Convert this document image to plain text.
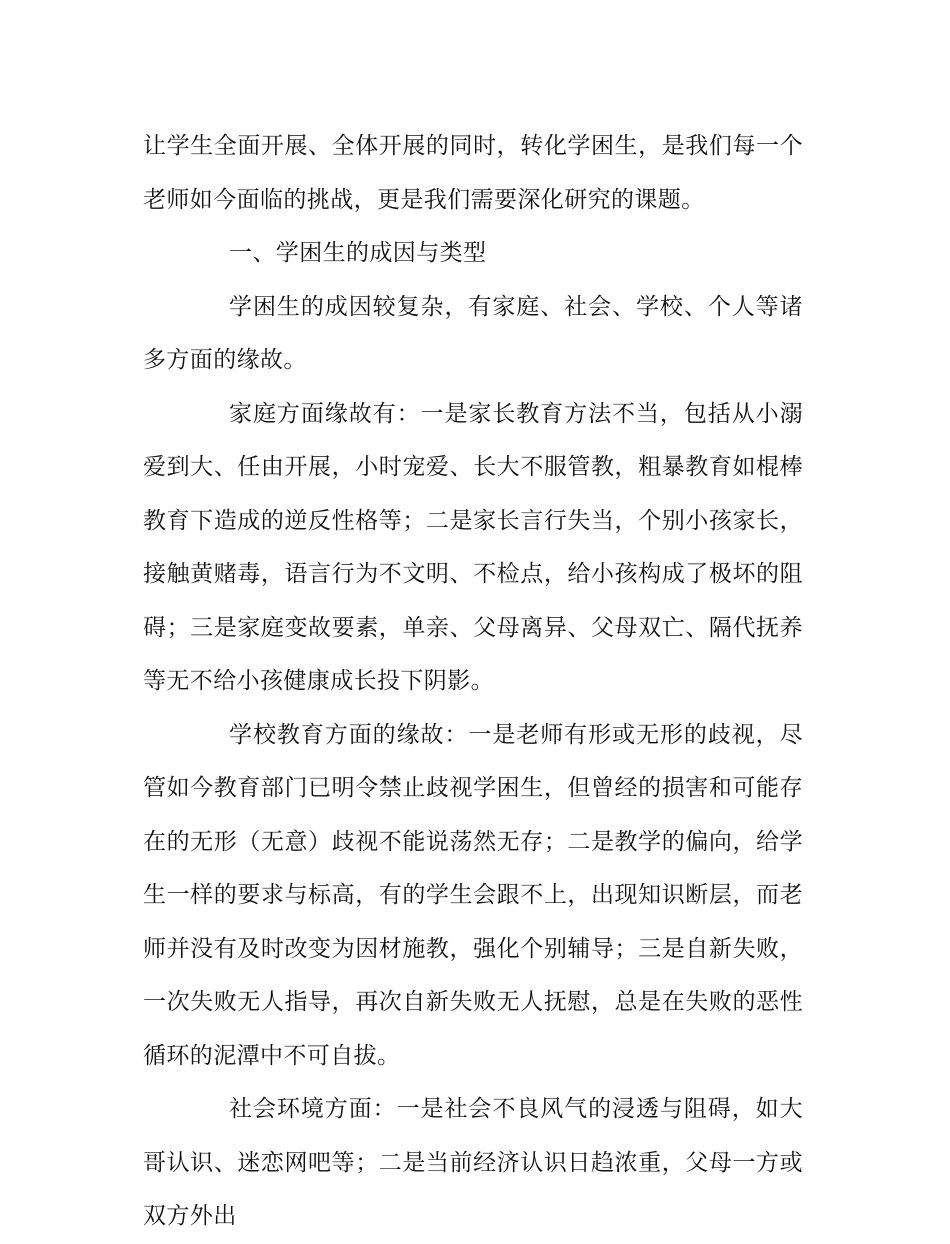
让学生全面开展、全体开展的同时，转化学困生，是我们每一个老师如今面临的挑战，更是我们需要深化研究的课题。

一、学困生的成因与类型

学困生的成因较复杂，有家庭、社会、学校、个人等诸多方面的缘故。

家庭方面缘故有：一是家长教育方法不当，包括从小溺爱到大、任由开展，小时宠爱、长大不服管教，粗暴教育如棍棒教育下造成的逆反性格等；二是家长言行失当，个别小孩家长，接触黄赌毒，语言行为不文明、不检点，给小孩构成了极坏的阻碍；三是家庭变故要素，单亲、父母离异、父母双亡、隔代抚养等无不给小孩健康成长投下阴影。

学校教育方面的缘故：一是老师有形或无形的歧视，尽管如今教育部门已明令禁止歧视学困生，但曾经的损害和可能存在的无形（无意）歧视不能说荡然无存；二是教学的偏向，给学生一样的要求与标高，有的学生会跟不上，出现知识断层，而老师并没有及时改变为因材施教，强化个别辅导；三是自新失败，一次失败无人指导，再次自新失败无人抚慰，总是在失败的恶性循环的泥潭中不可自拔。

社会环境方面：一是社会不良风气的浸透与阻碍，如大哥认识、迷恋网吧等；二是当前经济认识日趋浓重，父母一方或双方外出
